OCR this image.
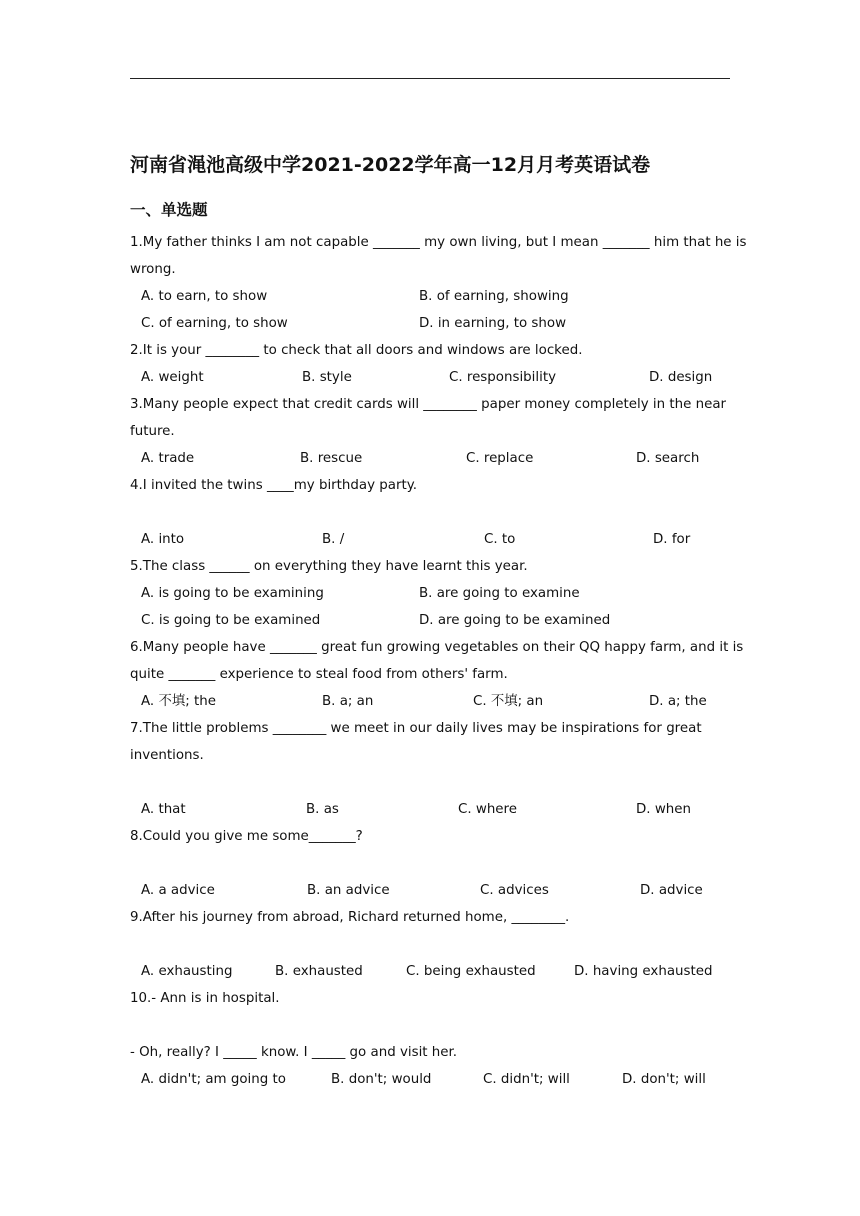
河南省渑池高级中学2021-2022学年高一12月月考英语试卷
一、单选题
1.My father thinks I am not capable _______ my own living, but I mean _______ him that he is
wrong.
A. to earn, to show	B. of earning, showing
C. of earning, to show	D. in earning, to show
2.It is your ________ to check that all doors and windows are locked.
A. weight	B. style	C. responsibility	D. design
3.Many people expect that credit cards will ________ paper money completely in the near
future.
A. trade	B. rescue	C. replace	D. search
4.I invited the twins ____my birthday party.
A. into	B. /	C. to	D. for
5.The class ______ on everything they have learnt this year.
A. is going to be examining	B. are going to examine
C. is going to be examined	D. are going to be examined
6.Many people have _______ great fun growing vegetables on their QQ happy farm, and it is
quite _______ experience to steal food from others' farm.
A. 不填; the	B. a; an	C. 不填; an	D. a; the
7.The little problems ________ we meet in our daily lives may be inspirations for great
inventions.
A. that	B. as	C. where	D. when
8.Could you give me some_______?
A. a advice	B. an advice	C. advices	D. advice
9.After his journey from abroad, Richard returned home, ________.
A. exhausting	B. exhausted	C. being exhausted	D. having exhausted
10.- Ann is in hospital.
- Oh, really? I _____ know. I _____ go and visit her.
A. didn't; am going to	B. don't; would	C. didn't; will	D. don't; will
